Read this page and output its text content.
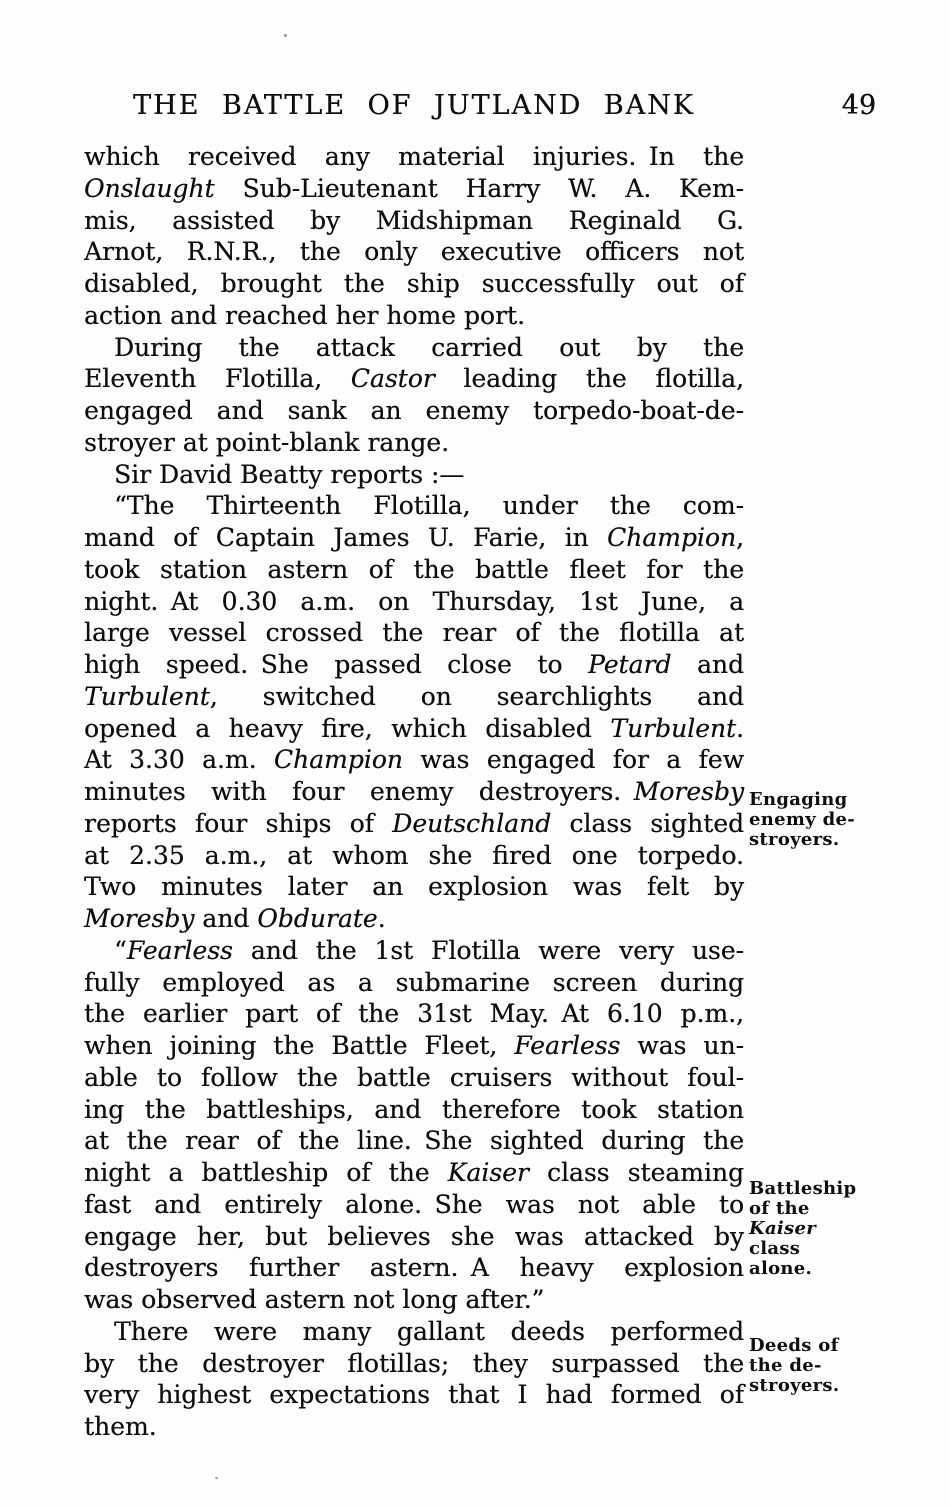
THE BATTLE OF JUTLAND BANK	49

which received any material injuries. In the
Onslaught Sub-Lieutenant Harry W. A. Kem-
mis, assisted by Midshipman Reginald G.
Arnot, R.N.R., the only executive officers not
disabled, brought the ship successfully out of
action and reached her home port.

During the attack carried out by the
Eleventh Flotilla, Castor leading the flotilla,
engaged and sank an enemy torpedo-boat-de-
stroyer at point-blank range.

Sir David Beatty reports :—

“The Thirteenth Flotilla, under the com-
mand of Captain James U. Farie, in Champion,
took station astern of the battle fleet for the
night. At 0.30 a.m. on Thursday, 1st June, a
large vessel crossed the rear of the flotilla at
high speed. She passed close to Petard and
Turbulent, switched on searchlights and
opened a heavy fire, which disabled Turbulent.
At 3.30 a.m. Champion was engaged for a few
minutes with four enemy destroyers. Moresby
reports four ships of Deutschland class sighted
at 2.35 a.m., at whom she fired one torpedo.
Two minutes later an explosion was felt by
Moresby and Obdurate.

“Fearless and the 1st Flotilla were very use-
fully employed as a submarine screen during
the earlier part of the 31st May. At 6.10 p.m.,
when joining the Battle Fleet, Fearless was un-
able to follow the battle cruisers without foul-
ing the battleships, and therefore took station
at the rear of the line. She sighted during the
night a battleship of the Kaiser class steaming
fast and entirely alone. She was not able to
engage her, but believes she was attacked by
destroyers further astern. A heavy explosion
was observed astern not long after.”

There were many gallant deeds performed
by the destroyer flotillas; they surpassed the
very highest expectations that I had formed of
them.

Engaging
enemy de-
stroyers.
Battleship
of the
Kaiser
class
alone.
Deeds of
the de-
stroyers.
